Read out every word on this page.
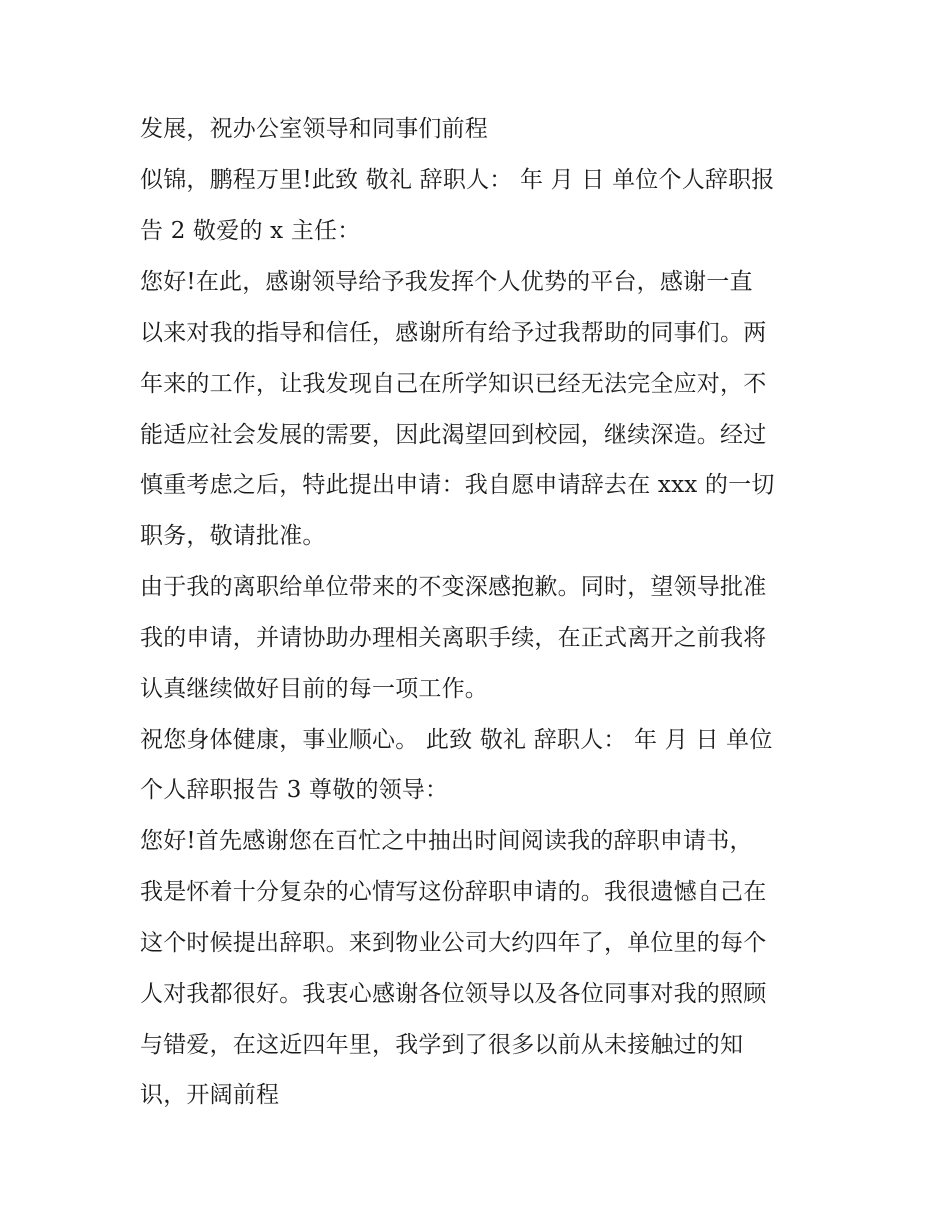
发展，祝办公室领导和同事们前程
似锦，鹏程万里!此致 敬礼 辞职人： 年 月 日 单位个人辞职报
告 2 敬爱的 x 主任：
您好!在此，感谢领导给予我发挥个人优势的平台，感谢一直
以来对我的指导和信任，感谢所有给予过我帮助的同事们。两
年来的工作，让我发现自己在所学知识已经无法完全应对，不
能适应社会发展的需要，因此渴望回到校园，继续深造。经过
慎重考虑之后，特此提出申请：我自愿申请辞去在 xxx 的一切
职务，敬请批准。
由于我的离职给单位带来的不变深感抱歉。同时，望领导批准
我的申请，并请协助办理相关离职手续，在正式离开之前我将
认真继续做好目前的每一项工作。
祝您身体健康，事业顺心。 此致 敬礼 辞职人： 年 月 日 单位
个人辞职报告 3 尊敬的领导：
您好!首先感谢您在百忙之中抽出时间阅读我的辞职申请书，
我是怀着十分复杂的心情写这份辞职申请的。我很遗憾自己在
这个时候提出辞职。来到物业公司大约四年了，单位里的每个
人对我都很好。我衷心感谢各位领导以及各位同事对我的照顾
与错爱，在这近四年里，我学到了很多以前从未接触过的知
识，开阔前程
